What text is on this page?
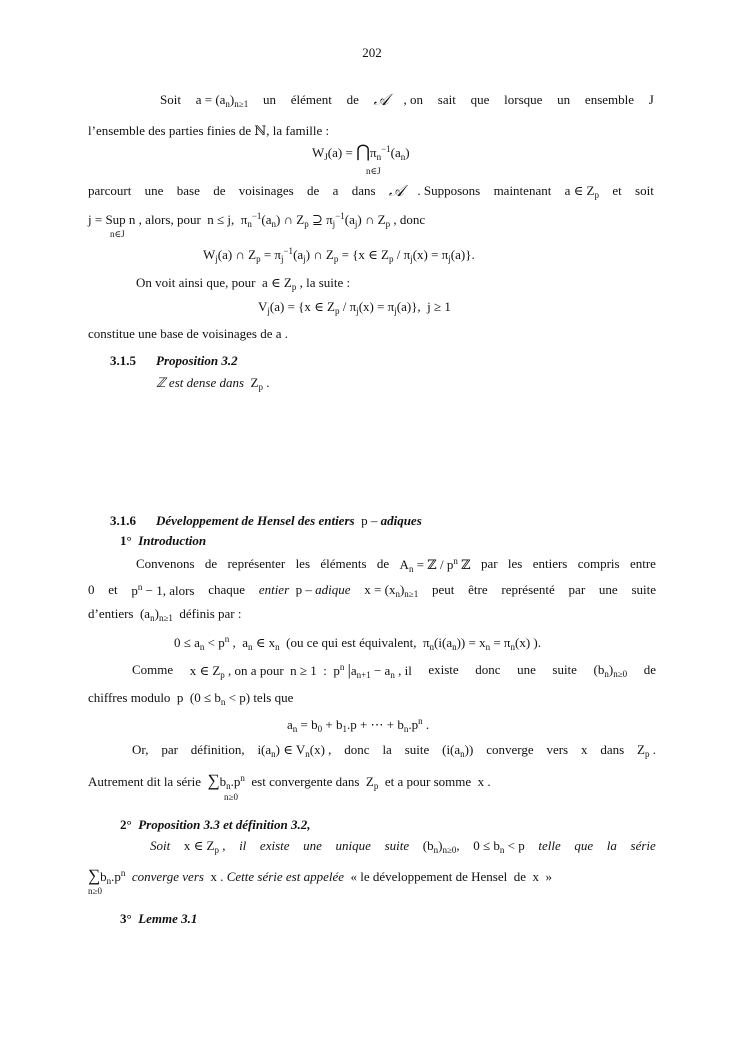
202
Soit $a = (a_n)_{n\ge 1}$ un élément de 𝒜 , on sait que lorsque un ensemble J
l’ensemble des parties finies de ℕ, la famille :
$W_J(a)$ = $⋂\pi_n^{-1}(a_n)$
n∈J
parcourt une base de voisinages de a dans 𝒜 . Supposons maintenant a ∈ $Z_p$ et soit
j = Sup n , alors, pour  n ≤ j,  $\pi_n^{-1}(a_n)$ ∩ $Z_p$ ⊇ $\pi_j^{-1}(a_j)$ ∩ $Z_p$ , donc
n∈J
$W_j(a)$ ∩ $Z_p = \pi_j^{-1}(a_j)$ ∩ $Z_p = \{x$ ∈ $Z_p / \pi_j(x) = \pi_j(a)$}.
On voit ainsi que, pour  a ∈ $Z_p$ , la suite :
$V_j(a) = \{x$ ∈ $Z_p / \pi_j(x) = \pi_j(a)$},  j ≥ 1
constitue une base de voisinages de a .
3.1.5 Proposition 3.2
ℤ est dense dans $Z_p$ .
3.1.6 Développement de Hensel des entiers p – adiques
1° Introduction
Convenons de représenter les éléments de $A_n$ = ℤ / $p^n$ ℤ par les entiers compris entre
0 et $p^n - 1$, alors chaque entier  p – adique $x = (x_n)_{n\ge 1}$ peut être représenté par une suite
d’entiers  $(a_n)_{n\ge 1}$  définis par :
$0 \le a_n < p^n$ ,  $a_n$ ∈ $x_n$  (ou ce qui est équivalent,  $\pi_n(i(a_n)) = x_n = \pi_n(x)$ ).
Comme x ∈ $Z_p$ , on a pour  n ≥ 1  :  $p^n$ $|a_{n+1} - a_n$ , il existe donc une suite $(b_n)_{n\ge 0}$ de
chiffres modulo  p  $(0 \le b_n < p)$ tels que
$a_n = b_0 + b_1.p$ + ⋯ + $b_n.p^n$ .
Or, par définition, $i(a_n)$ ∈ $V_n(x)$ , donc la suite $(i(a_n))$ converge vers x dans $Z_p$ .
Autrement dit la série  $\sum b_n.p^n$  est convergente dans  $Z_p$  et a pour somme  x .
n≥0
2° Proposition 3.3 et définition 3.2,
Soit x ∈ $Z_p$ , il existe une unique suite $(b_n)_{n\ge 0}$, $0 \le b_n < p$ telle que la série
$\sum b_n.p^n$ converge vers  x . Cette série est appelée  « le développement de Hensel  de  x  »
n≥0
3° Lemme 3.1
